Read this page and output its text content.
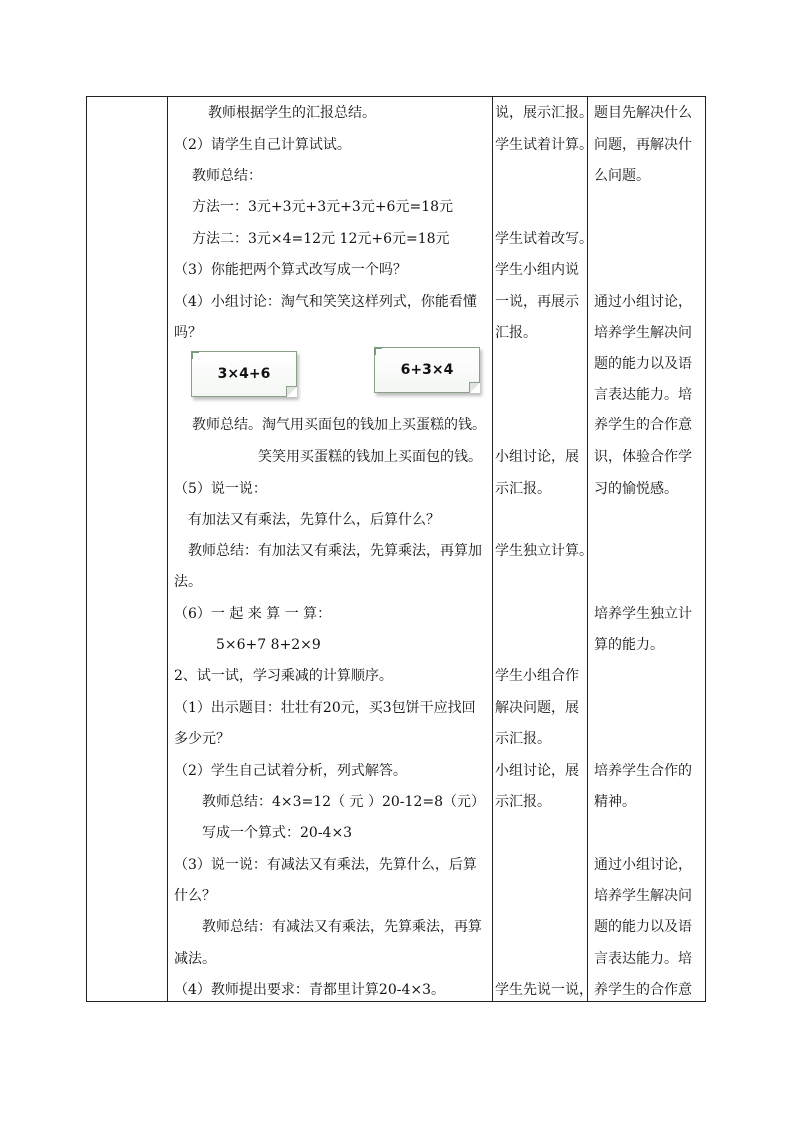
教师根据学生的汇报总结。
（2）请学生自己计算试试。
教师总结：
方法一：3元+3元+3元+3元+6元=18元
方法二：3元×4=12元 12元+6元=18元
（3）你能把两个算式改写成一个吗？
（4）小组讨论：淘气和笑笑这样列式，你能看懂
吗？
3×4+6	6+3×4
教师总结。淘气用买面包的钱加上买蛋糕的钱。
笑笑用买蛋糕的钱加上买面包的钱。
（5）说一说：
有加法又有乘法，先算什么，后算什么？
教师总结：有加法又有乘法，先算乘法，再算加
法。
（6）一 起 来 算 一 算：
5×6+7 8+2×9
2、试一试，学习乘减的计算顺序。
（1）出示题目：壮壮有20元，买3包饼干应找回
多少元？
（2）学生自己试着分析，列式解答。
教师总结：4×3=12（ 元 ）20-12=8（元）
写成一个算式：20-4×3
（3）说一说：有减法又有乘法，先算什么，后算
什么？
教师总结：有减法又有乘法，先算乘法，再算
减法。
（4）教师提出要求：青都里计算20-4×3。
说，展示汇报。
学生试着计算。
学生试着改写。
学生小组内说
一说，再展示
汇报。
小组讨论，展
示汇报。
学生独立计算。
学生小组合作
解决问题，展
示汇报。
小组讨论，展
示汇报。
学生先说一说，
题目先解决什么
问题，再解决什
么问题。
通过小组讨论，
培养学生解决问
题的能力以及语
言表达能力。培
养学生的合作意
识，体验合作学
习的愉悦感。
培养学生独立计
算的能力。
培养学生合作的
精神。
通过小组讨论，
培养学生解决问
题的能力以及语
言表达能力。培
养学生的合作意
